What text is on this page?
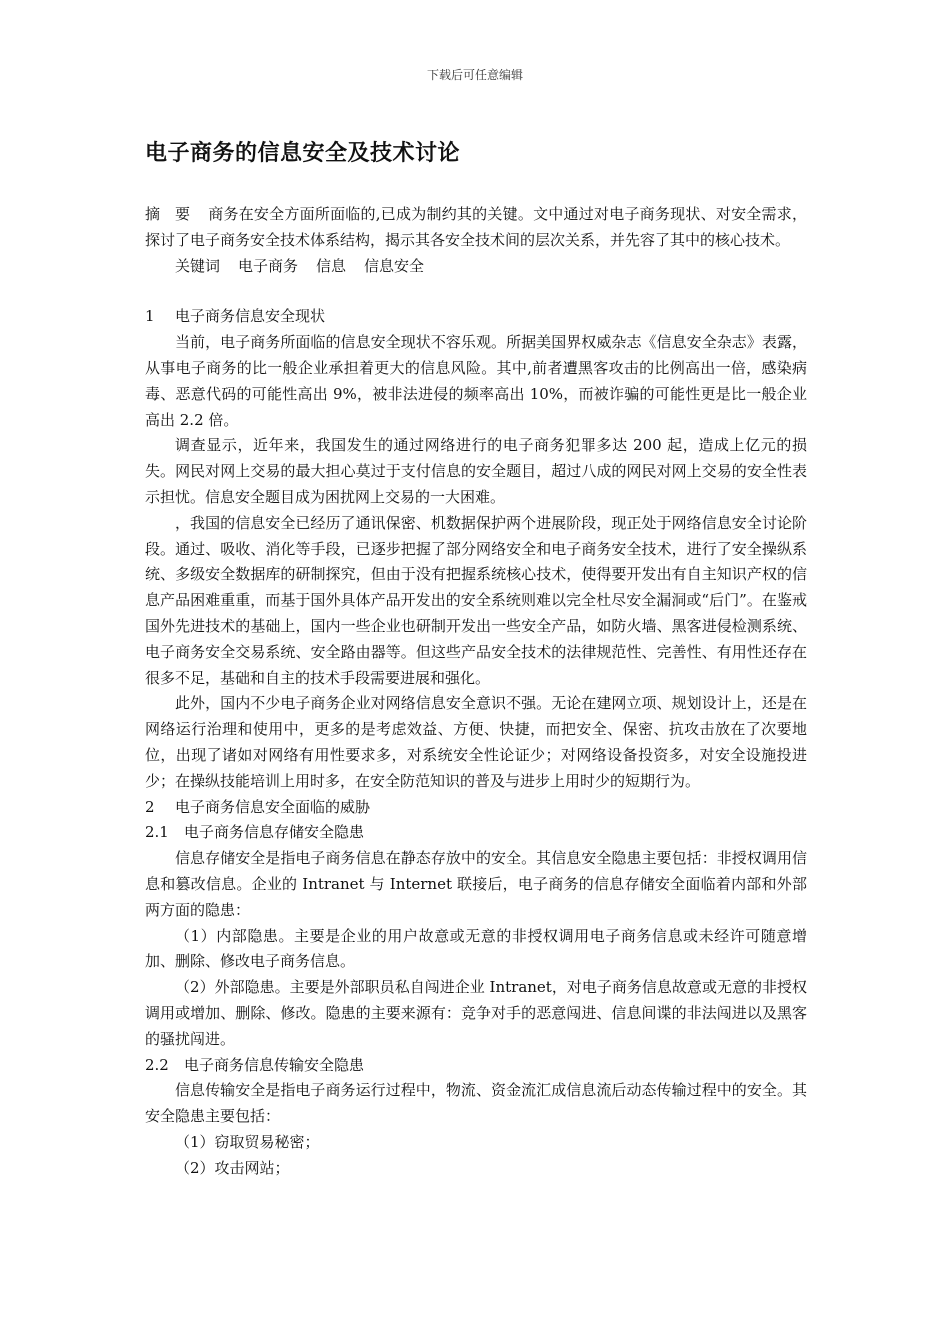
下载后可任意编辑
电子商务的信息安全及技术讨论

摘　要 商务在安全方面所面临的,已成为制约其的关键。文中通过对电子商务现状、对安全需求，探讨了电子商务安全技术体系结构，揭示其各安全技术间的层次关系，并先容了其中的核心技术。

关键词 电子商务 信息 信息安全

1 电子商务信息安全现状

当前，电子商务所面临的信息安全现状不容乐观。所据美国界权威杂志《信息安全杂志》表露，从事电子商务的比一般企业承担着更大的信息风险。其中,前者遭黑客攻击的比例高出一倍，感染病毒、恶意代码的可能性高出 9%，被非法进侵的频率高出 10%，而被诈骗的可能性更是比一般企业高出 2.2 倍。

调查显示，近年来，我国发生的通过网络进行的电子商务犯罪多达 200 起，造成上亿元的损失。网民对网上交易的最大担心莫过于支付信息的安全题目，超过八成的网民对网上交易的安全性表示担忧。信息安全题目成为困扰网上交易的一大困难。

，我国的信息安全已经历了通讯保密、机数据保护两个进展阶段，现正处于网络信息安全讨论阶段。通过、吸收、消化等手段，已逐步把握了部分网络安全和电子商务安全技术，进行了安全操纵系统、多级安全数据库的研制探究，但由于没有把握系统核心技术，使得要开发出有自主知识产权的信息产品困难重重，而基于国外具体产品开发出的安全系统则难以完全杜尽安全漏洞或“后门”。在鉴戒国外先进技术的基础上，国内一些企业也研制开发出一些安全产品，如防火墙、黑客进侵检测系统、电子商务安全交易系统、安全路由器等。但这些产品安全技术的法律规范性、完善性、有用性还存在很多不足，基础和自主的技术手段需要进展和强化。

此外，国内不少电子商务企业对网络信息安全意识不强。无论在建网立项、规划设计上，还是在网络运行治理和使用中，更多的是考虑效益、方便、快捷，而把安全、保密、抗攻击放在了次要地位，出现了诸如对网络有用性要求多，对系统安全性论证少；对网络设备投资多，对安全设施投进少；在操纵技能培训上用时多，在安全防范知识的普及与进步上用时少的短期行为。

2 电子商务信息安全面临的威胁

2.1 电子商务信息存储安全隐患

信息存储安全是指电子商务信息在静态存放中的安全。其信息安全隐患主要包括：非授权调用信息和篡改信息。企业的 Intranet 与 Internet 联接后，电子商务的信息存储安全面临着内部和外部两方面的隐患：

（1）内部隐患。主要是企业的用户故意或无意的非授权调用电子商务信息或未经许可随意增加、删除、修改电子商务信息。

（2）外部隐患。主要是外部职员私自闯进企业 Intranet，对电子商务信息故意或无意的非授权调用或增加、删除、修改。隐患的主要来源有：竞争对手的恶意闯进、信息间谍的非法闯进以及黑客的骚扰闯进。

2.2 电子商务信息传输安全隐患

信息传输安全是指电子商务运行过程中，物流、资金流汇成信息流后动态传输过程中的安全。其安全隐患主要包括：

（1）窃取贸易秘密；

（2）攻击网站；
